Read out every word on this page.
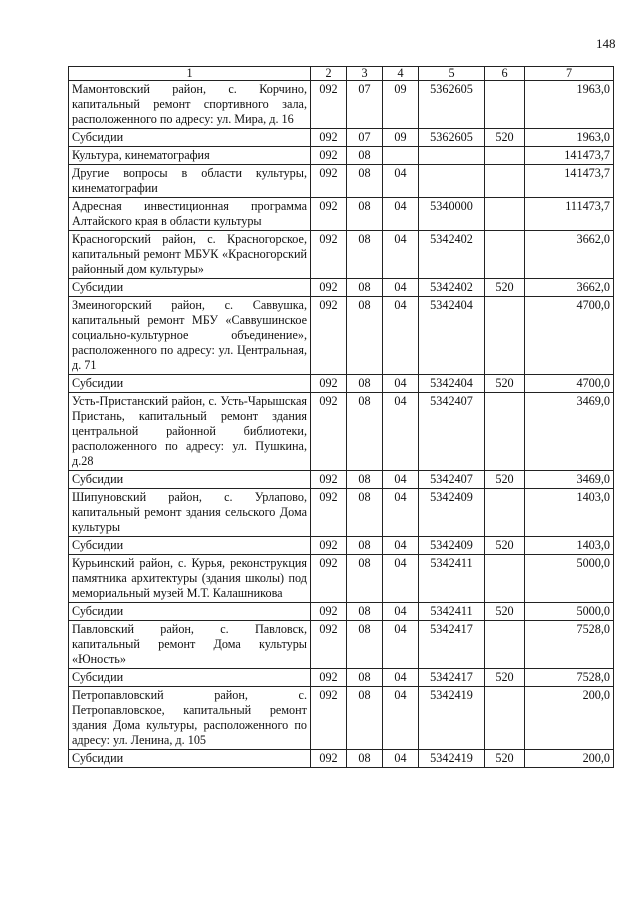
148
1	2	3	4	5	6	7
Мамонтовский район, с. Корчино, капитальный ремонт спортивного зала, расположенного по адресу: ул. Мира, д. 16	092	07	09	5362605		1963,0
Субсидии	092	07	09	5362605	520	1963,0
Культура, кинематография	092	08				141473,7
Другие вопросы в области культуры, кинематографии	092	08	04			141473,7
Адресная инвестиционная программа Алтайского края в области культуры	092	08	04	5340000		111473,7
Красногорский район, с. Красногорское, капитальный ремонт МБУК «Красногорский районный дом культуры»	092	08	04	5342402		3662,0
Субсидии	092	08	04	5342402	520	3662,0
Змеиногорский район, с. Саввушка, капитальный ремонт МБУ «Саввушинское социально-культурное объединение», расположенного по адресу: ул. Центральная, д. 71	092	08	04	5342404		4700,0
Субсидии	092	08	04	5342404	520	4700,0
Усть-Пристанский район, с. Усть-Чарышская Пристань, капитальный ремонт здания центральной районной библиотеки, расположенного по адресу: ул. Пушкина, д.28	092	08	04	5342407		3469,0
Субсидии	092	08	04	5342407	520	3469,0
Шипуновский район, с. Урлапово, капитальный ремонт здания сельского Дома культуры	092	08	04	5342409		1403,0
Субсидии	092	08	04	5342409	520	1403,0
Курьинский район, с. Курья, реконструкция памятника архитектуры (здания школы) под мемориальный музей М.Т. Калашникова	092	08	04	5342411		5000,0
Субсидии	092	08	04	5342411	520	5000,0
Павловский район, с. Павловск, капитальный ремонт Дома культуры «Юность»	092	08	04	5342417		7528,0
Субсидии	092	08	04	5342417	520	7528,0
Петропавловский район, с. Петропавловское, капитальный ремонт здания Дома культуры, расположенного по адресу: ул. Ленина, д. 105	092	08	04	5342419		200,0
Субсидии	092	08	04	5342419	520	200,0
